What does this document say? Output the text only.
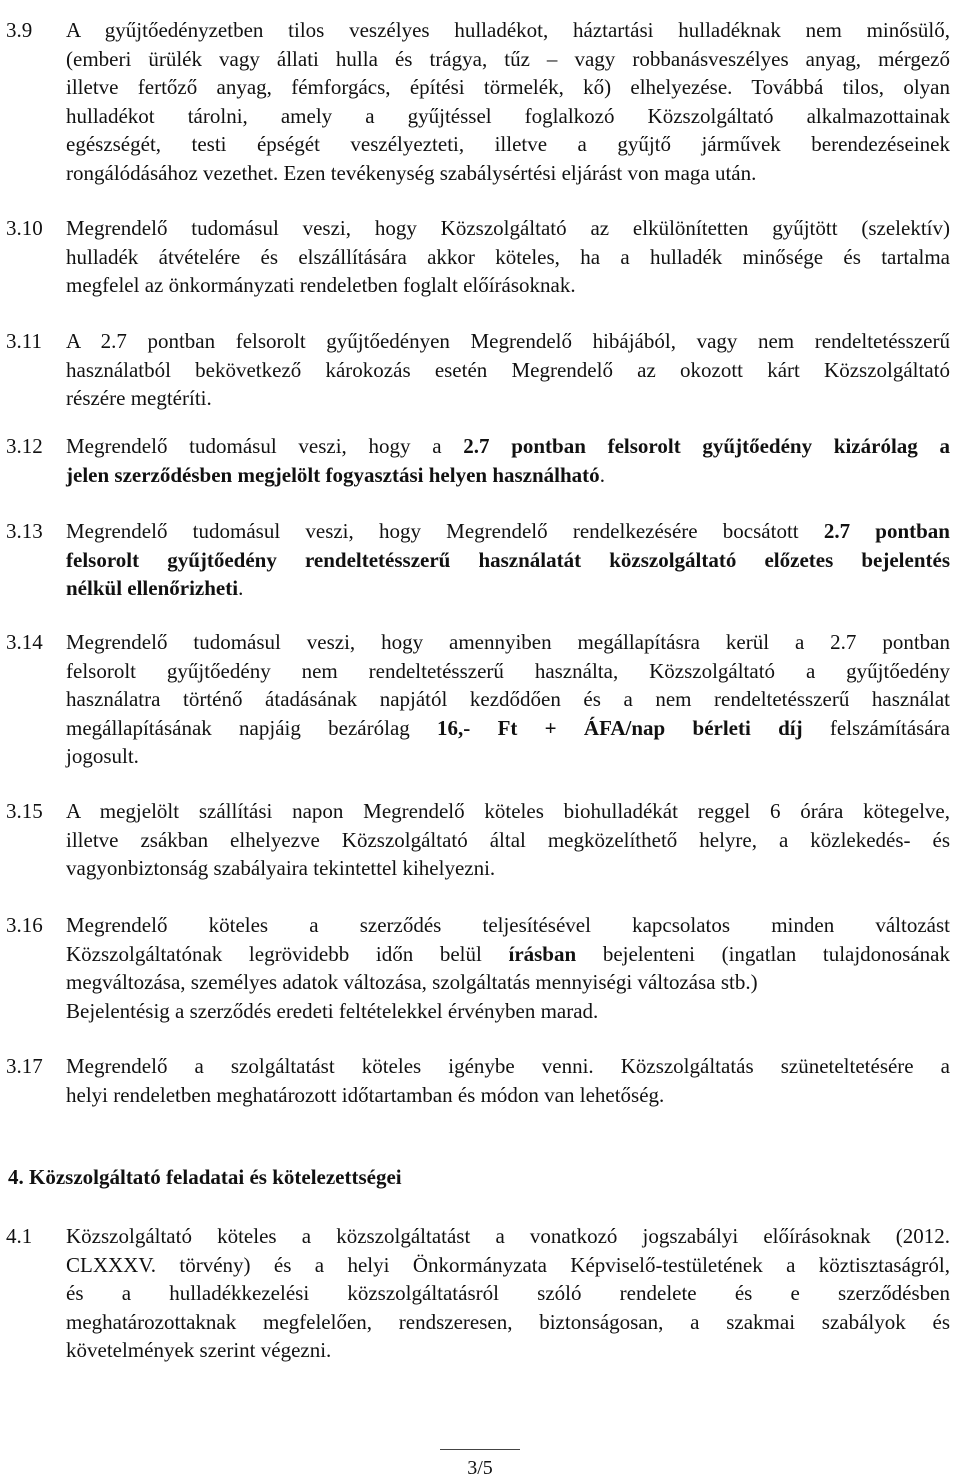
3.9 A gyűjtőedényzetben tilos veszélyes hulladékot, háztartási hulladéknak nem minősülő,
(emberi ürülék vagy állati hulla és trágya, tűz – vagy robbanásveszélyes anyag, mérgező
illetve fertőző anyag, fémforgács, építési törmelék, kő) elhelyezése. Továbbá tilos, olyan
hulladékot tárolni, amely a gyűjtéssel foglalkozó Közszolgáltató alkalmazottainak
egészségét, testi épségét veszélyezteti, illetve a gyűjtő járművek berendezéseinek
rongálódásához vezethet. Ezen tevékenység szabálysértési eljárást von maga után.
3.10 Megrendelő tudomásul veszi, hogy Közszolgáltató az elkülönítetten gyűjtött (szelektív)
hulladék átvételére és elszállítására akkor köteles, ha a hulladék minősége és tartalma
megfelel az önkormányzati rendeletben foglalt előírásoknak.
3.11 A 2.7 pontban felsorolt gyűjtőedényen Megrendelő hibájából, vagy nem rendeltetésszerű
használatból bekövetkező károkozás esetén Megrendelő az okozott kárt Közszolgáltató
részére megtéríti.
3.12 Megrendelő tudomásul veszi, hogy a 2.7 pontban felsorolt gyűjtőedény kizárólag a
jelen szerződésben megjelölt fogyasztási helyen használható.
3.13 Megrendelő tudomásul veszi, hogy Megrendelő rendelkezésére bocsátott 2.7 pontban
felsorolt gyűjtőedény rendeltetésszerű használatát közszolgáltató előzetes bejelentés
nélkül ellenőrizheti.
3.14 Megrendelő tudomásul veszi, hogy amennyiben megállapításra kerül a 2.7 pontban
felsorolt gyűjtőedény nem rendeltetésszerű használta, Közszolgáltató a gyűjtőedény
használatra történő átadásának napjától kezdődően és a nem rendeltetésszerű használat
megállapításának napjáig bezárólag 16,- Ft + ÁFA/nap bérleti díj felszámítására
jogosult.
3.15 A megjelölt szállítási napon Megrendelő köteles biohulladékát reggel 6 órára kötegelve,
illetve zsákban elhelyezve Közszolgáltató által megközelíthető helyre, a közlekedés- és
vagyonbiztonság szabályaira tekintettel kihelyezni.
3.16 Megrendelő köteles a szerződés teljesítésével kapcsolatos minden változást
Közszolgáltatónak legrövidebb időn belül írásban bejelenteni (ingatlan tulajdonosának
megváltozása, személyes adatok változása, szolgáltatás mennyiségi változása stb.)
Bejelentésig a szerződés eredeti feltételekkel érvényben marad.
3.17 Megrendelő a szolgáltatást köteles igénybe venni. Közszolgáltatás szüneteltetésére a
helyi rendeletben meghatározott időtartamban és módon van lehetőség.
4. Közszolgáltató feladatai és kötelezettségei
4.1 Közszolgáltató köteles a közszolgáltatást a vonatkozó jogszabályi előírásoknak (2012.
CLXXXV. törvény) és a helyi Önkormányzata Képviselő-testületének a köztisztaságról,
és a hulladékkezelési közszolgáltatásról szóló rendelete és e szerződésben
meghatározottaknak megfelelően, rendszeresen, biztonságosan, a szakmai szabályok és
követelmények szerint végezni.
3/5
